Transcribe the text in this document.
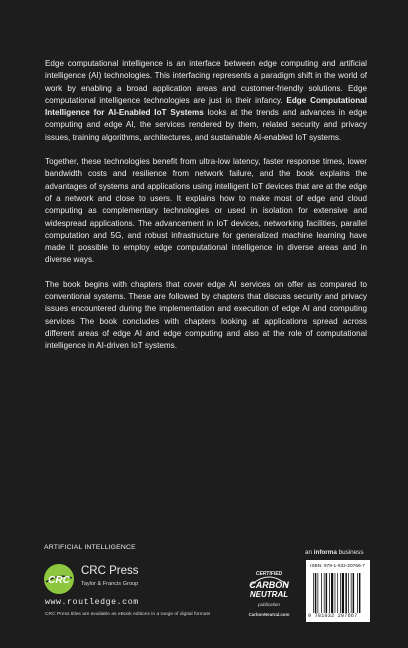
Edge computational intelligence is an interface between edge computing and artificial intelligence (AI) technologies. This interfacing represents a paradigm shift in the world of work by enabling a broad application areas and customer-friendly solutions. Edge computational intelligence technologies are just in their infancy. Edge Computational Intelligence for AI-Enabled IoT Systems looks at the trends and advances in edge computing and edge AI, the services rendered by them, related security and privacy issues, training algorithms, architectures, and sustainable AI-enabled IoT systems.

Together, these technologies benefit from ultra-low latency, faster response times, lower bandwidth costs and resilience from network failure, and the book explains the advantages of systems and applications using intelligent IoT devices that are at the edge of a network and close to users. It explains how to make most of edge and cloud computing as complementary technologies or used in isolation for extensive and widespread applications. The advancement in IoT devices, networking facilities, parallel computation and 5G, and robust infrastructure for generalized machine learning have made it possible to employ edge computational intelligence in diverse areas and in diverse ways.

The book begins with chapters that cover edge AI services on offer as compared to conventional systems. These are followed by chapters that discuss security and privacy issues encountered during the implementation and execution of edge AI and computing services The book concludes with chapters looking at applications spread across different areas of edge AI and edge computing and also at the role of computational intelligence in AI-driven IoT systems.

ARTIFICIAL INTELLIGENCE
CRC
CRC Press
Taylor & Francis Group
www.routledge.com
CRC Press titles are available as eBook editions in a range of digital formats
CERTIFIED
CARBON
NEUTRAL
publication
CarbonNeutral.com
an informa business
ISBN: 978-1-032-20766-7
9 781032 207667
